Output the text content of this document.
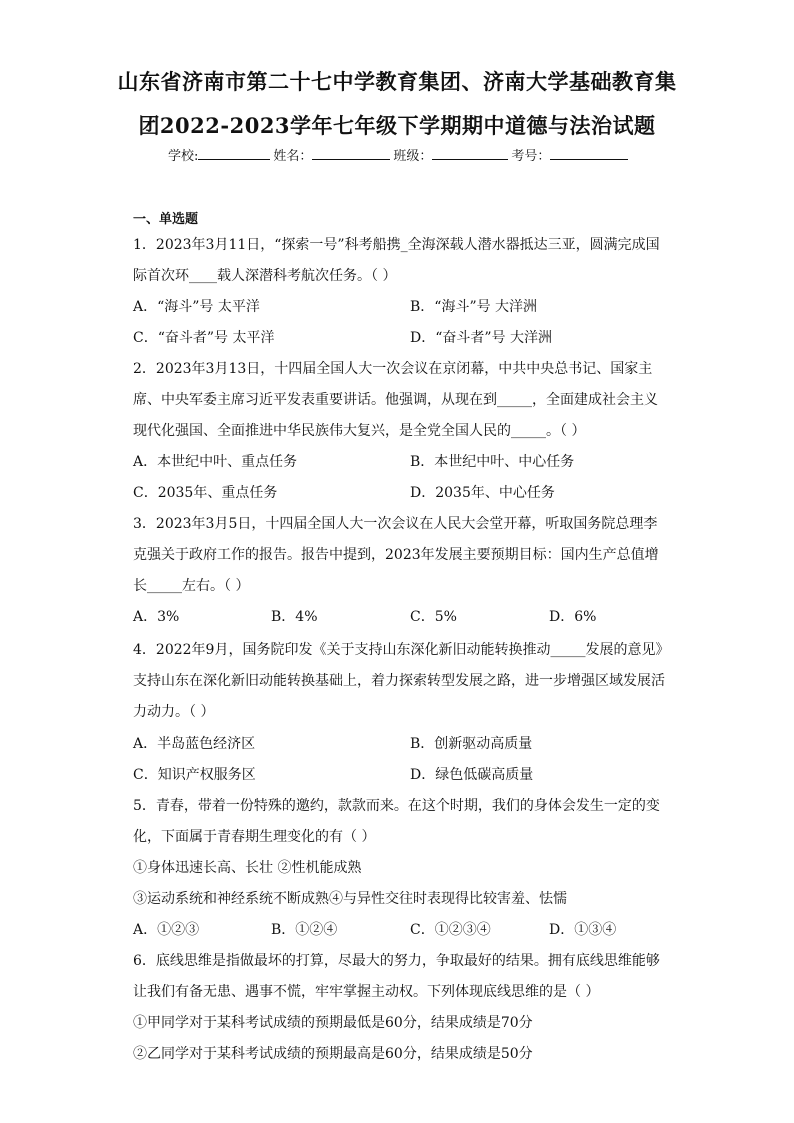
山东省济南市第二十七中学教育集团、济南大学基础教育集
团2022-2023学年七年级下学期期中道德与法治试题
学校:	姓名：	班级：	考号：
一、单选题
1．2023年3月11日，“探索一号”科考船携_全海深载人潜水器抵达三亚，圆满完成国
际首次环____载人深潜科考航次任务。（ ）
A．“海斗”号 太平洋	B．“海斗”号 大洋洲
C．“奋斗者”号 太平洋	D．“奋斗者”号 大洋洲
2．2023年3月13日，十四届全国人大一次会议在京闭幕，中共中央总书记、国家主
席、中央军委主席习近平发表重要讲话。他强调，从现在到_____，全面建成社会主义
现代化强国、全面推进中华民族伟大复兴，是全党全国人民的_____。（ ）
A．本世纪中叶、重点任务	B．本世纪中叶、中心任务
C．2035年、重点任务	D．2035年、中心任务
3．2023年3月5日，十四届全国人大一次会议在人民大会堂开幕，听取国务院总理李
克强关于政府工作的报告。报告中提到，2023年发展主要预期目标：国内生产总值增
长_____左右。（ ）
A．3%	B．4%	C．5%	D．6%
4．2022年9月，国务院印发《关于支持山东深化新旧动能转换推动_____发展的意见》
支持山东在深化新旧动能转换基础上，着力探索转型发展之路，进一步增强区域发展活
力动力。（ ）
A．半岛蓝色经济区	B．创新驱动高质量
C．知识产权服务区	D．绿色低碳高质量
5．青春，带着一份特殊的邀约，款款而来。在这个时期，我们的身体会发生一定的变
化，下面属于青春期生理变化的有（ ）
①身体迅速长高、长壮 ②性机能成熟
③运动系统和神经系统不断成熟④与异性交往时表现得比较害羞、怯懦
A．①②③	B．①②④	C．①②③④	D．①③④
6．底线思维是指做最坏的打算，尽最大的努力，争取最好的结果。拥有底线思维能够
让我们有备无患、遇事不慌，牢牢掌握主动权。下列体现底线思维的是（ ）
①甲同学对于某科考试成绩的预期最低是60分，结果成绩是70分
②乙同学对于某科考试成绩的预期最高是60分，结果成绩是50分
